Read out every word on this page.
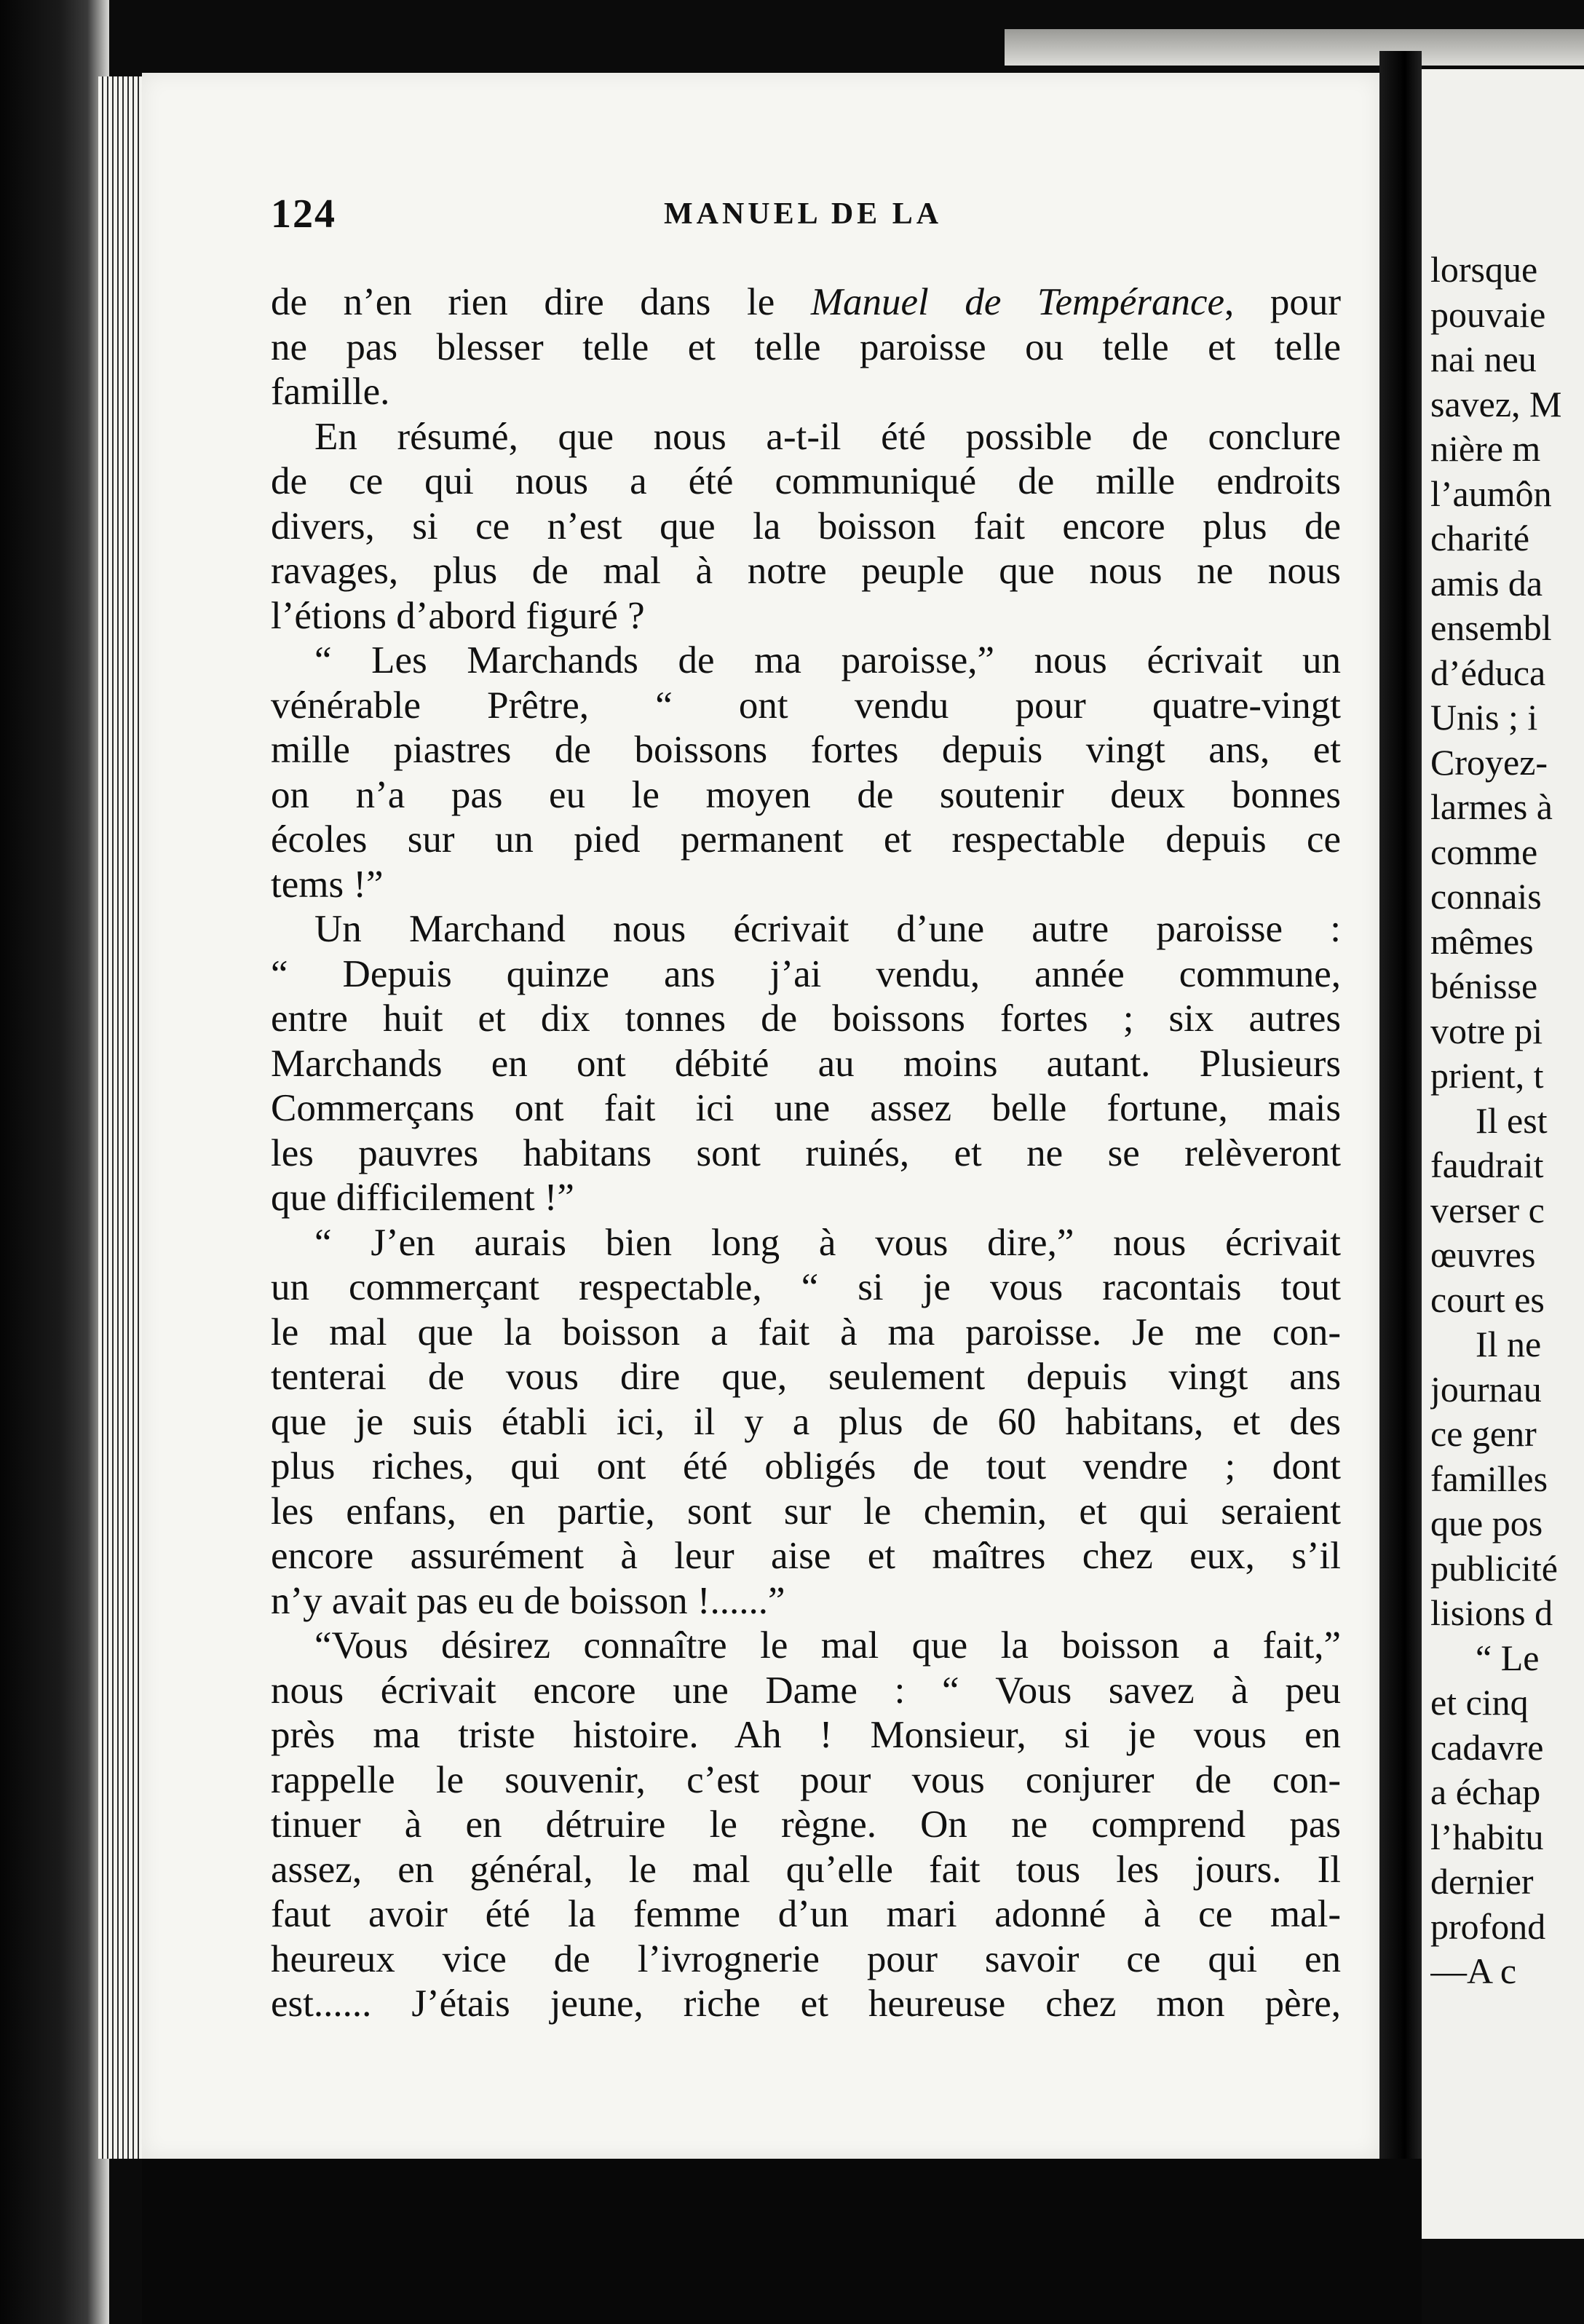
124	MANUEL DE LA
de n’en rien dire dans le Manuel de Tempérance, pour
ne pas blesser telle et telle paroisse ou telle et telle
famille.
En résumé, que nous a-t-il été possible de conclure
de ce qui nous a été communiqué de mille endroits
divers, si ce n’est que la boisson fait encore plus de
ravages, plus de mal à notre peuple que nous ne nous
l’étions d’abord figuré ?
“ Les Marchands de ma paroisse,” nous écrivait un
vénérable Prêtre, “ ont vendu pour quatre-vingt
mille piastres de boissons fortes depuis vingt ans, et
on n’a pas eu le moyen de soutenir deux bonnes
écoles sur un pied permanent et respectable depuis ce
tems !”
Un Marchand nous écrivait d’une autre paroisse :
“ Depuis quinze ans j’ai vendu, année commune,
entre huit et dix tonnes de boissons fortes ; six autres
Marchands en ont débité au moins autant. Plusieurs
Commerçans ont fait ici une assez belle fortune, mais
les pauvres habitans sont ruinés, et ne se relèveront
que difficilement !”
“ J’en aurais bien long à vous dire,” nous écrivait
un commerçant respectable, “ si je vous racontais tout
le mal que la boisson a fait à ma paroisse. Je me con-
tenterai de vous dire que, seulement depuis vingt ans
que je suis établi ici, il y a plus de 60 habitans, et des
plus riches, qui ont été obligés de tout vendre ; dont
les enfans, en partie, sont sur le chemin, et qui seraient
encore assurément à leur aise et maîtres chez eux, s’il
n’y avait pas eu de boisson !......”
“Vous désirez connaître le mal que la boisson a fait,”
nous écrivait encore une Dame : “ Vous savez à peu
près ma triste histoire. Ah ! Monsieur, si je vous en
rappelle le souvenir, c’est pour vous conjurer de con-
tinuer à en détruire le règne. On ne comprend pas
assez, en général, le mal qu’elle fait tous les jours. Il
faut avoir été la femme d’un mari adonné à ce mal-
heureux vice de l’ivrognerie pour savoir ce qui en
est...... J’étais jeune, riche et heureuse chez mon père,
lorsque
pouvaie
nai neu
savez, M
nière m
l’aumôn
charité
amis da
ensembl
d’éduca
Unis ; i
Croyez-
larmes à
comme
connais
mêmes
bénisse
votre pi
prient, t
Il est
faudrait
verser c
œuvres
court es
Il ne
journau
ce genr
familles
que pos
publicité
lisions d
“ Le
et cinq
cadavre
a échap
l’habitu
dernier
profond
—A c
